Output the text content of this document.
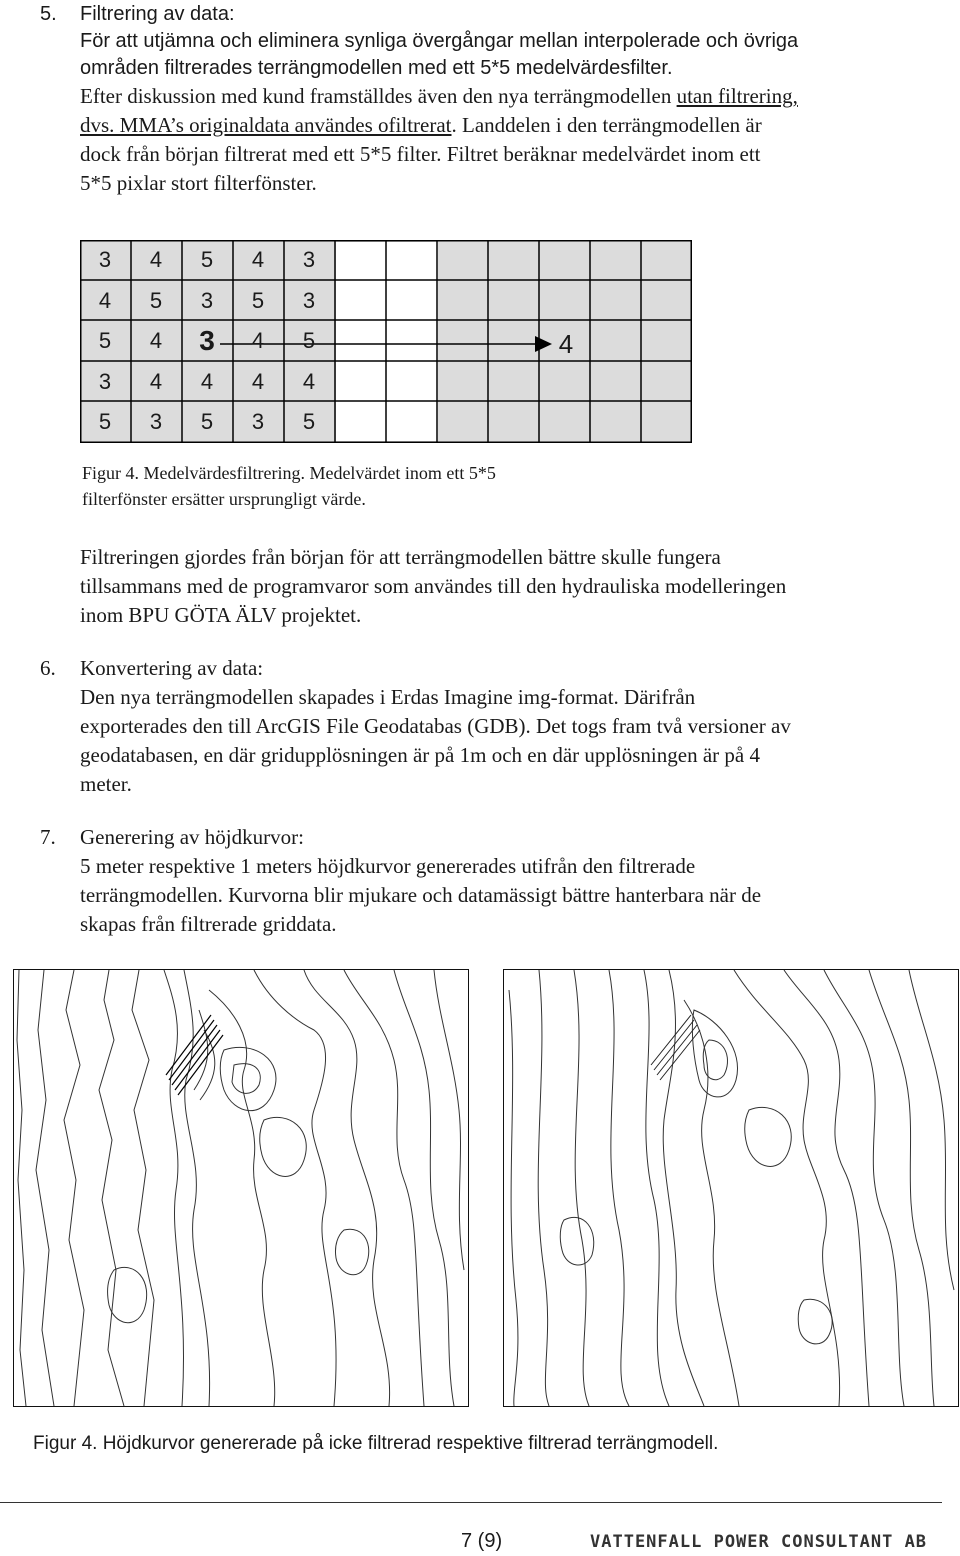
5. Filtrering av data:
För att utjämna och eliminera synliga övergångar mellan interpolerade och övriga
områden filtrerades terrängmodellen med ett 5*5 medelvärdesfilter.
Efter diskussion med kund framställdes även den nya terrängmodellen utan filtrering,
dvs. MMA’s originaldata användes ofiltrerat. Landdelen i den terrängmodellen är
dock från början filtrerat med ett 5*5 filter. Filtret beräknar medelvärdet inom ett
5*5 pixlar stort filterfönster.
3	4	5	4	3
4	5	3	5	3
5	4	3	4	5
3	4	4	4	4
5	3	5	3	5
4
Figur 4. Medelvärdesfiltrering. Medelvärdet inom ett 5*5
filterfönster ersätter ursprungligt värde.
Filtreringen gjordes från början för att terrängmodellen bättre skulle fungera
tillsammans med de programvaror som användes till den hydrauliska modelleringen
inom BPU GÖTA ÄLV projektet.
6. Konvertering av data:
Den nya terrängmodellen skapades i Erdas Imagine img-format. Därifrån
exporterades den till ArcGIS File Geodatabas (GDB). Det togs fram två versioner av
geodatabasen, en där gridupplösningen är på 1m och en där upplösningen är på 4
meter.
7. Generering av höjdkurvor:
5 meter respektive 1 meters höjdkurvor genererades utifrån den filtrerade
terrängmodellen. Kurvorna blir mjukare och datamässigt bättre hanterbara när de
skapas från filtrerade griddata.
Figur 4. Höjdkurvor genererade på icke filtrerad respektive filtrerad terrängmodell.
7 (9)	VATTENFALL POWER CONSULTANT AB
